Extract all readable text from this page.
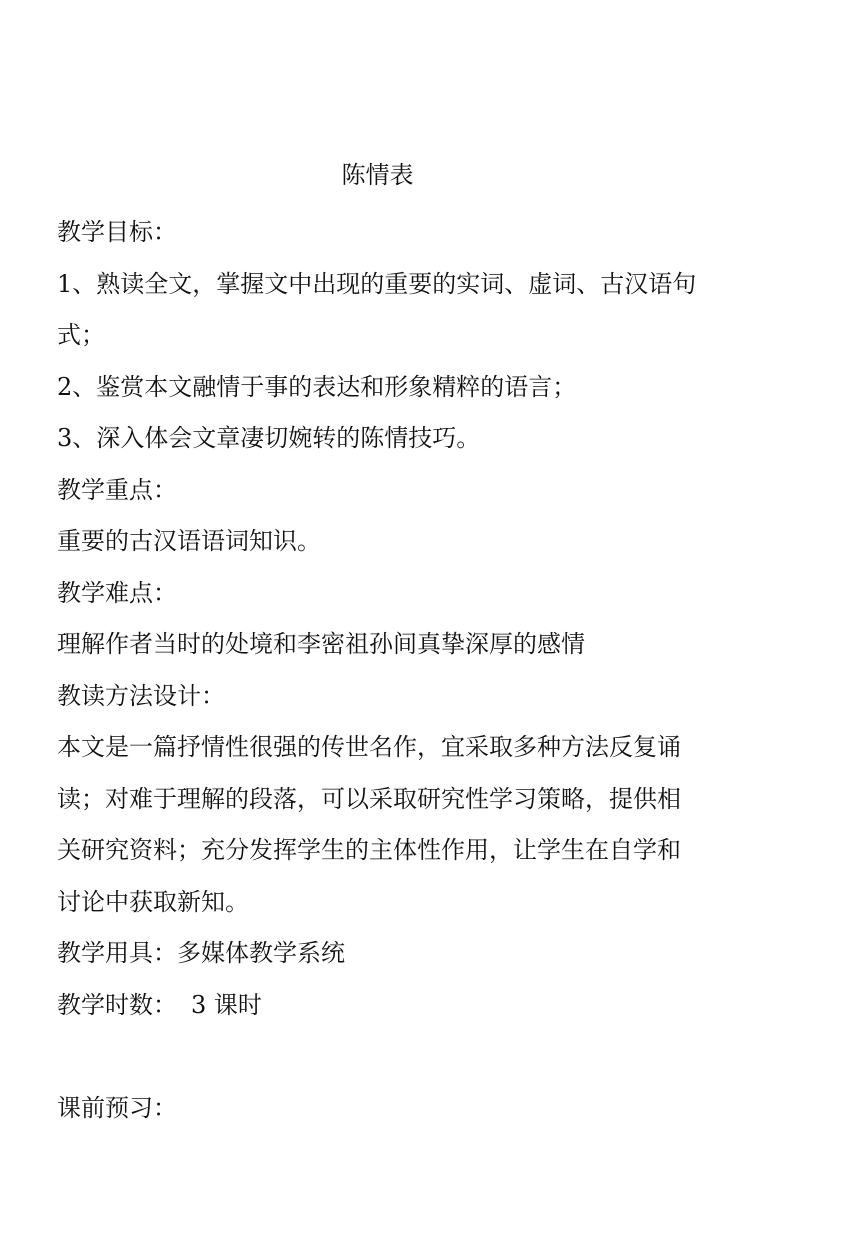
陈情表
教学目标：
1、熟读全文，掌握文中出现的重要的实词、虚词、古汉语句
式；
2、鉴赏本文融情于事的表达和形象精粹的语言；
3、深入体会文章凄切婉转的陈情技巧。
教学重点：
重要的古汉语语词知识。
教学难点：
理解作者当时的处境和李密祖孙间真挚深厚的感情
教读方法设计：
本文是一篇抒情性很强的传世名作，宜采取多种方法反复诵
读；对难于理解的段落，可以采取研究性学习策略，提供相
关研究资料；充分发挥学生的主体性作用，让学生在自学和
讨论中获取新知。
教学用具：多媒体教学系统
教学时数： 3 课时
课前预习：
